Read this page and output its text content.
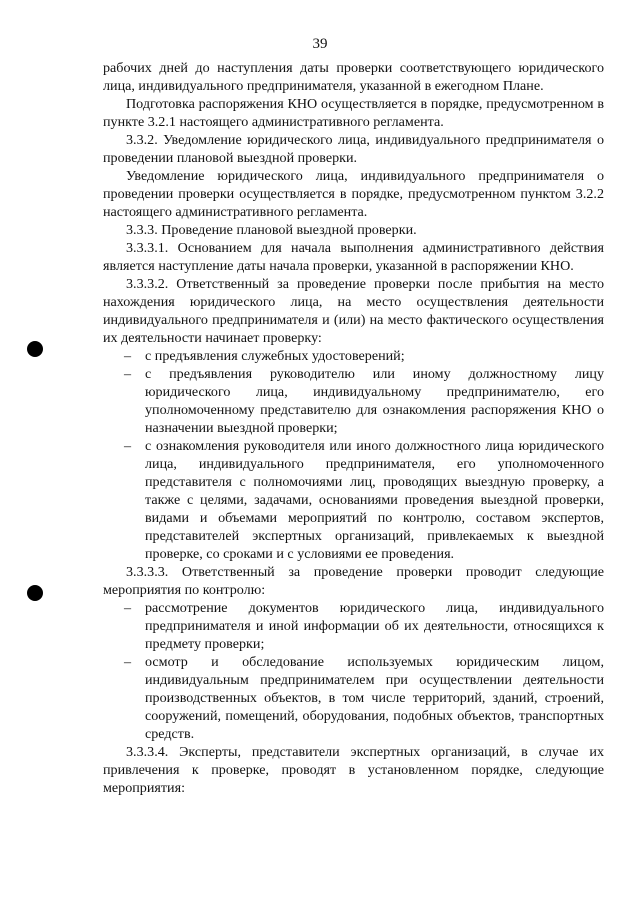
39

рабочих дней до наступления даты проверки соответствующего юридического лица, индивидуального предпринимателя, указанной в ежегодном Плане.

Подготовка распоряжения КНО осуществляется в порядке, предусмотренном в пункте 3.2.1 настоящего административного регламента.

3.3.2. Уведомление юридического лица, индивидуального предпринимателя о проведении плановой выездной проверки.

Уведомление юридического лица, индивидуального предпринимателя о проведении проверки осуществляется в порядке, предусмотренном пунктом 3.2.2 настоящего административного регламента.

3.3.3. Проведение плановой выездной проверки.

3.3.3.1. Основанием для начала выполнения административного действия является наступление даты начала проверки, указанной в распоряжении КНО.

3.3.3.2. Ответственный за проведение проверки после прибытия на место нахождения юридического лица, на место осуществления деятельности индивидуального предпринимателя и (или) на место фактического осуществления их деятельности начинает проверку:

– с предъявления служебных удостоверений;
– с предъявления руководителю или иному должностному лицу юридического лица, индивидуальному предпринимателю, его уполномоченному представителю для ознакомления распоряжения КНО о назначении выездной проверки;
– с ознакомления руководителя или иного должностного лица юридического лица, индивидуального предпринимателя, его уполномоченного представителя с полномочиями лиц, проводящих выездную проверку, а также с целями, задачами, основаниями проведения выездной проверки, видами и объемами мероприятий по контролю, составом экспертов, представителей экспертных организаций, привлекаемых к выездной проверке, со сроками и с условиями ее проведения.

3.3.3.3. Ответственный за проведение проверки проводит следующие мероприятия по контролю:

– рассмотрение документов юридического лица, индивидуального предпринимателя и иной информации об их деятельности, относящихся к предмету проверки;
– осмотр и обследование используемых юридическим лицом, индивидуальным предпринимателем при осуществлении деятельности производственных объектов, в том числе территорий, зданий, строений, сооружений, помещений, оборудования, подобных объектов, транспортных средств.

3.3.3.4. Эксперты, представители экспертных организаций, в случае их привлечения к проверке, проводят в установленном порядке, следующие мероприятия:
